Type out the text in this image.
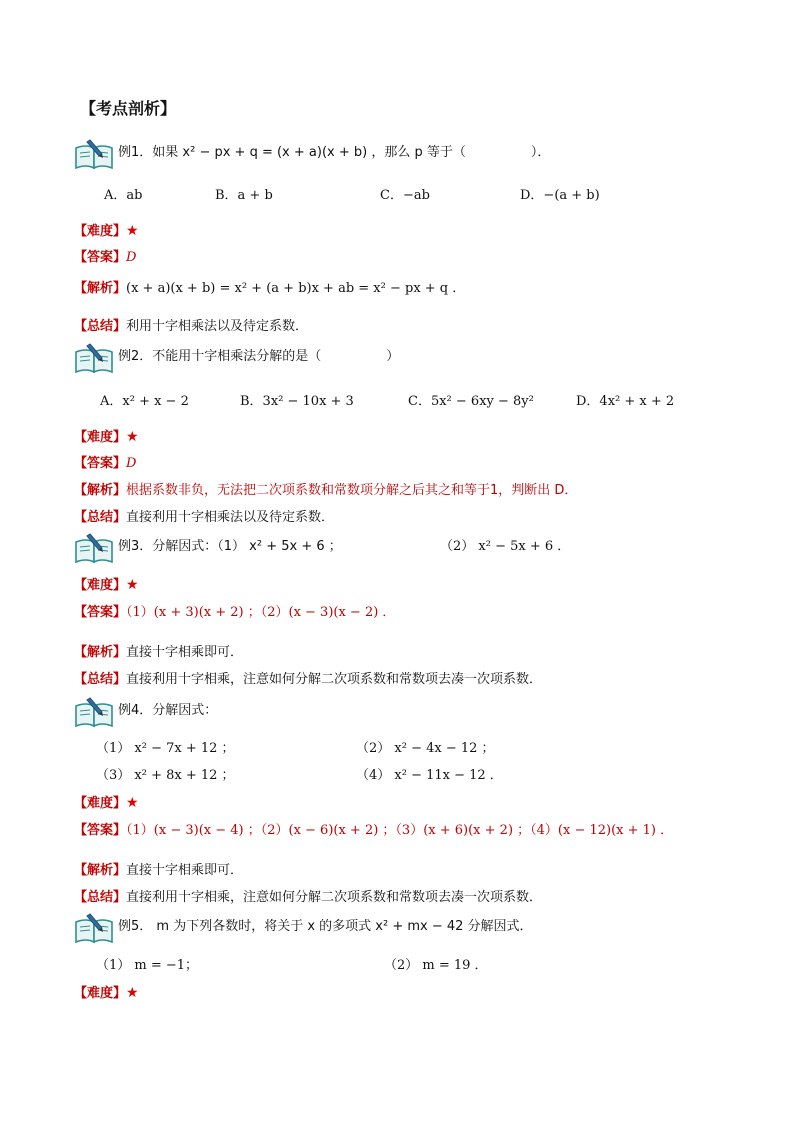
【考点剖析】
例1．如果 x² − px + q = (x + a)(x + b) ，那么 p 等于（　　　　　）．
A．ab	B．a + b	C．−ab	D．−(a + b)
【难度】★
【答案】D
【解析】(x + a)(x + b) = x² + (a + b)x + ab = x² − px + q ．
【总结】利用十字相乘法以及待定系数．
例2．不能用十字相乘法分解的是（　　　　　）
A．x² + x − 2	B．3x² − 10x + 3	C．5x² − 6xy − 8y²	D．4x² + x + 2
【难度】★
【答案】D
【解析】根据系数非负，无法把二次项系数和常数项分解之后其之和等于1，判断出 D．
【总结】直接利用十字相乘法以及待定系数．
例3．分解因式：（1） x² + 5x + 6 ；	（2） x² − 5x + 6 ．
【难度】★
【答案】（1）(x + 3)(x + 2) ；（2）(x − 3)(x − 2) ．
【解析】直接十字相乘即可．
【总结】直接利用十字相乘，注意如何分解二次项系数和常数项去凑一次项系数．
例4．分解因式：
（1） x² − 7x + 12 ；	（2） x² − 4x − 12 ；
（3） x² + 8x + 12 ；	（4） x² − 11x − 12 ．
【难度】★
【答案】（1）(x − 3)(x − 4) ；（2）(x − 6)(x + 2) ；（3）(x + 6)(x + 2) ；（4）(x − 12)(x + 1) ．
【解析】直接十字相乘即可．
【总结】直接利用十字相乘，注意如何分解二次项系数和常数项去凑一次项系数．
例5． m 为下列各数时，将关于 x 的多项式 x² + mx − 42 分解因式．
（1） m = −1；	（2） m = 19 ．
【难度】★
